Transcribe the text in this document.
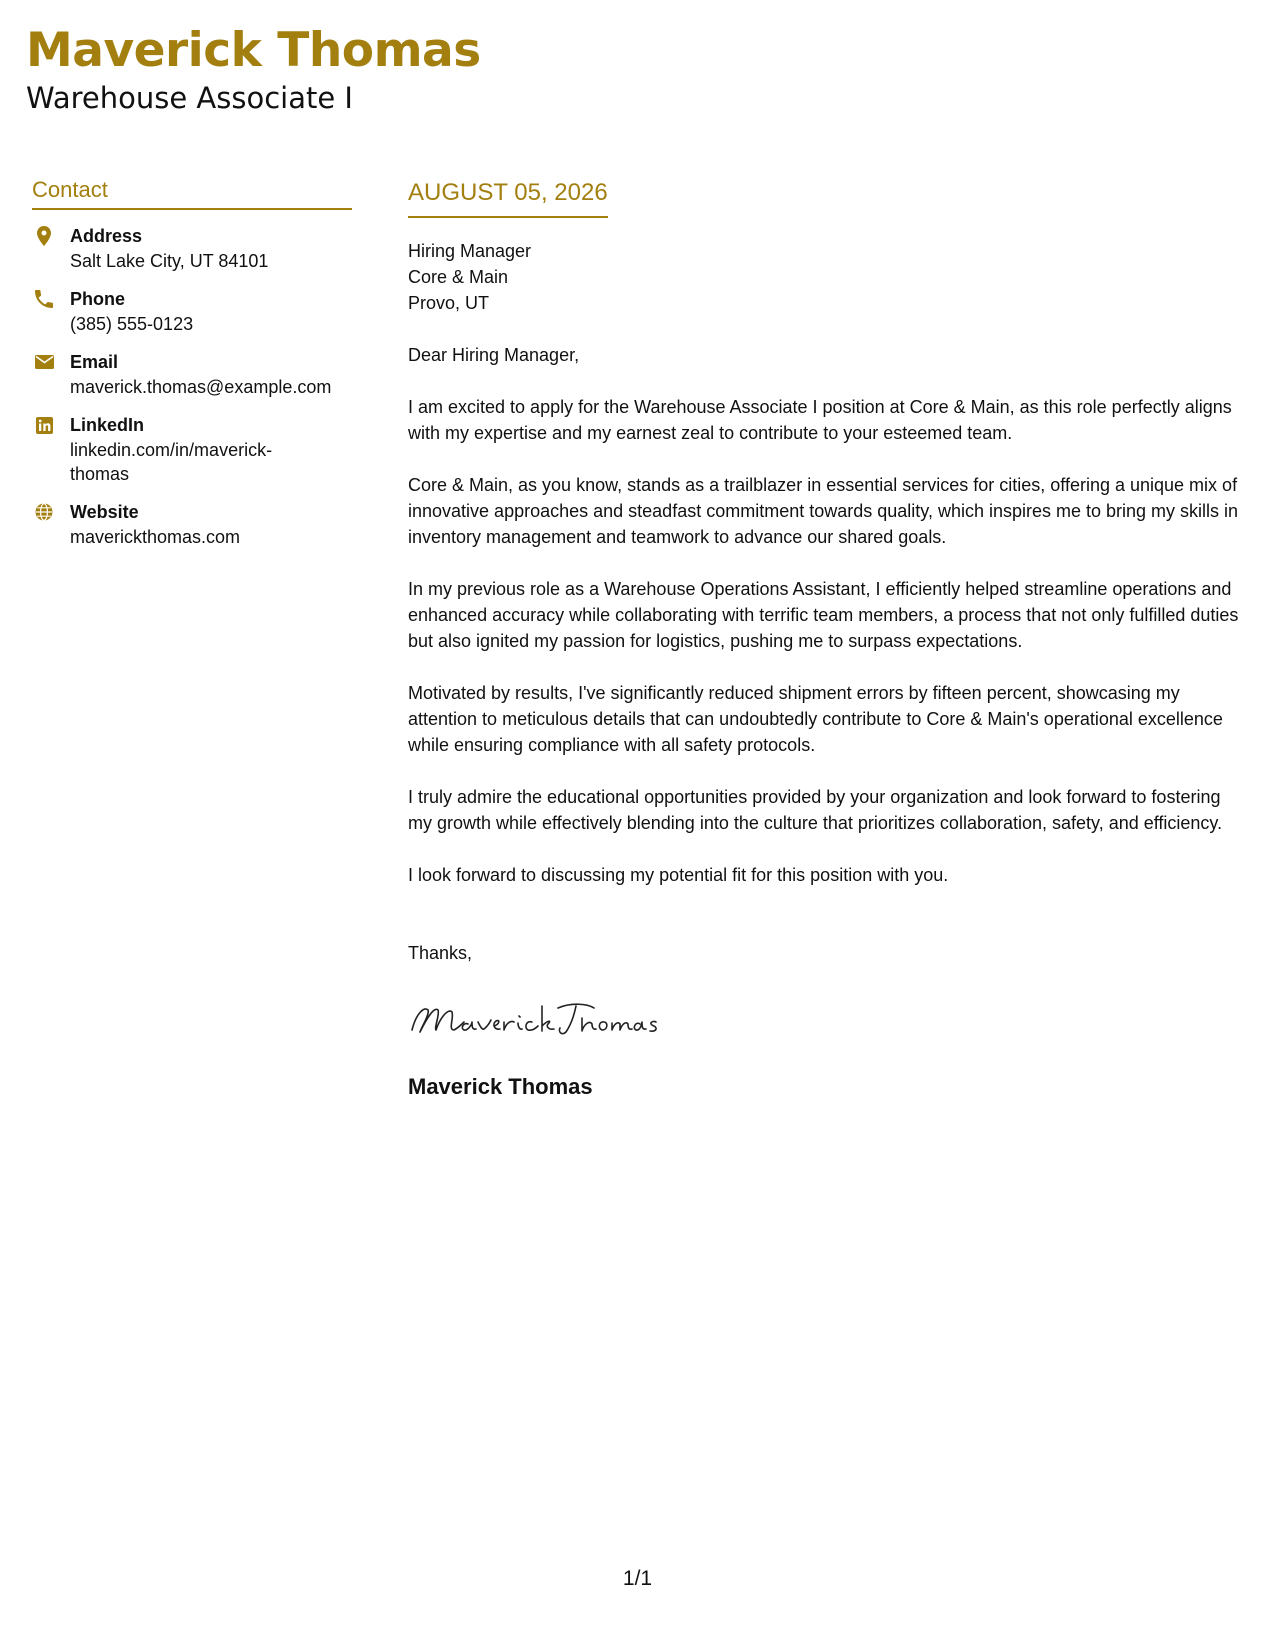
Maverick Thomas
Warehouse Associate I
Contact
Address
Salt Lake City, UT 84101
Phone
(385) 555-0123
Email
maverick.thomas@example.com
LinkedIn
linkedin.com/in/maverick-thomas
Website
maverickthomas.com
AUGUST 05, 2026
Hiring Manager
Core & Main
Provo, UT
Dear Hiring Manager,
I am excited to apply for the Warehouse Associate I position at Core & Main, as this role perfectly aligns with my expertise and my earnest zeal to contribute to your esteemed team.
Core & Main, as you know, stands as a trailblazer in essential services for cities, offering a unique mix of innovative approaches and steadfast commitment towards quality, which inspires me to bring my skills in inventory management and teamwork to advance our shared goals.
In my previous role as a Warehouse Operations Assistant, I efficiently helped streamline operations and enhanced accuracy while collaborating with terrific team members, a process that not only fulfilled duties but also ignited my passion for logistics, pushing me to surpass expectations.
Motivated by results, I've significantly reduced shipment errors by fifteen percent, showcasing my attention to meticulous details that can undoubtedly contribute to Core & Main's operational excellence while ensuring compliance with all safety protocols.
I truly admire the educational opportunities provided by your organization and look forward to fostering my growth while effectively blending into the culture that prioritizes collaboration, safety, and efficiency.
I look forward to discussing my potential fit for this position with you.
Thanks,
Maverick Thomas
1/1
